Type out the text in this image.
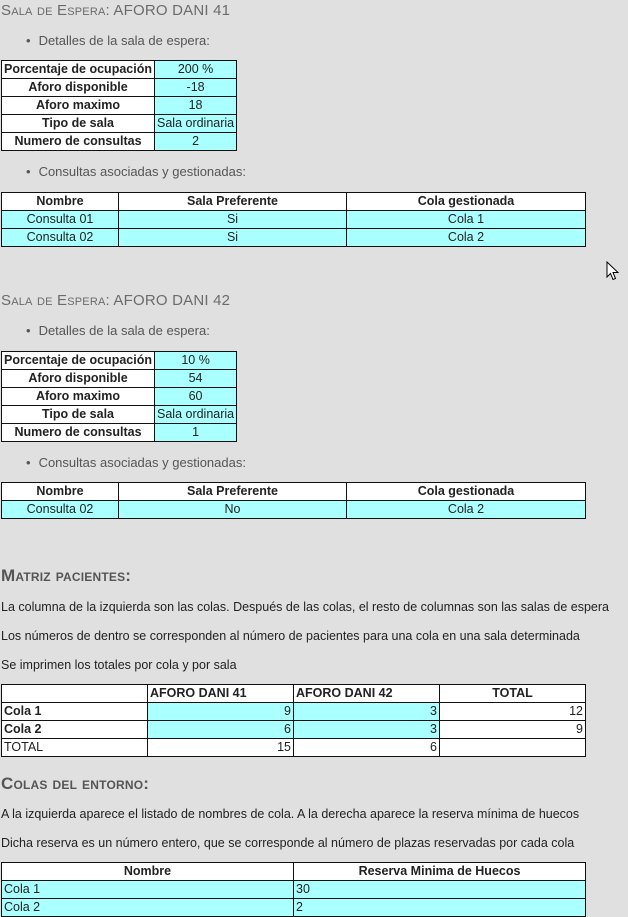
Sala de Espera: AFORO DANI 41
• Detalles de la sala de espera:
Porcentaje de ocupación	200 %
Aforo disponible	-18
Aforo maximo	18
Tipo de sala	Sala ordinaria
Numero de consultas	2
• Consultas asociadas y gestionadas:
Nombre	Sala Preferente	Cola gestionada
Consulta 01	Si	Cola 1
Consulta 02	Si	Cola 2
Sala de Espera: AFORO DANI 42
• Detalles de la sala de espera:
Porcentaje de ocupación	10 %
Aforo disponible	54
Aforo maximo	60
Tipo de sala	Sala ordinaria
Numero de consultas	1
• Consultas asociadas y gestionadas:
Nombre	Sala Preferente	Cola gestionada
Consulta 02	No	Cola 2
Matriz pacientes:
La columna de la izquierda son las colas. Después de las colas, el resto de columnas son las salas de espera
Los números de dentro se corresponden al número de pacientes para una cola en una sala determinada
Se imprimen los totales por cola y por sala
	AFORO DANI 41	AFORO DANI 42	TOTAL
Cola 1	9	3	12
Cola 2	6	3	9
TOTAL	15	6	
Colas del entorno:
A la izquierda aparece el listado de nombres de cola. A la derecha aparece la reserva mínima de huecos
Dicha reserva es un número entero, que se corresponde al número de plazas reservadas por cada cola
Nombre	Reserva Minima de Huecos
Cola 1	30
Cola 2	2
